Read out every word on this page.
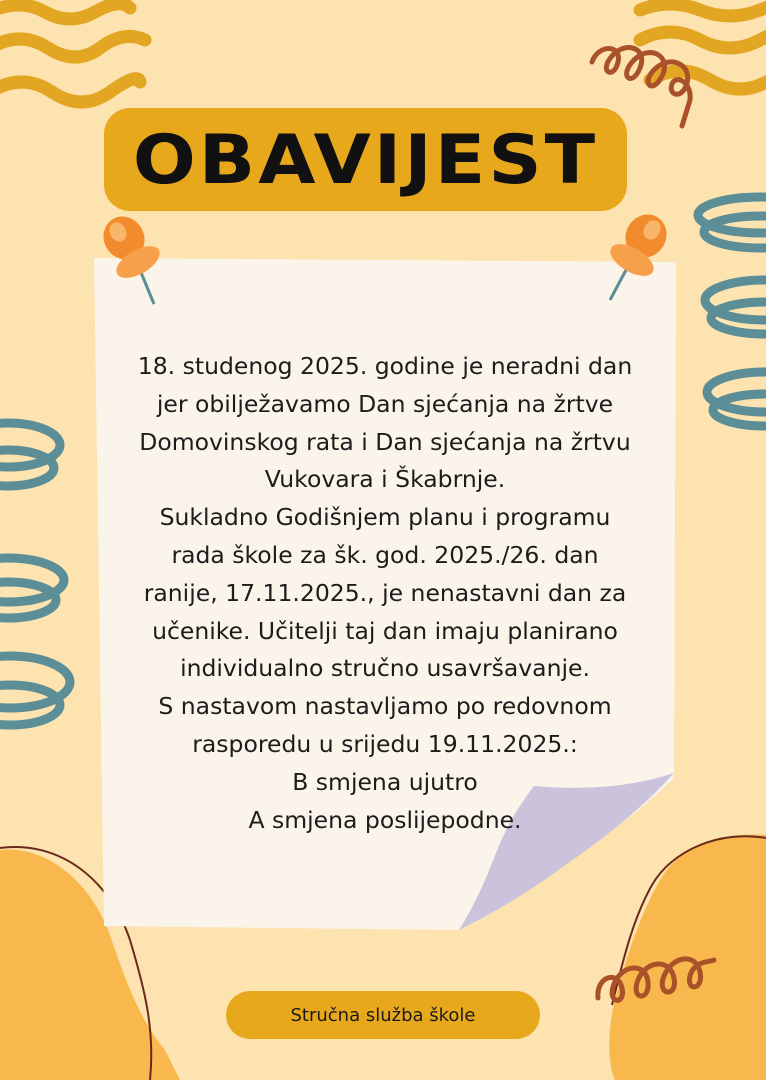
OBAVIJEST
18. studenog 2025. godine je neradni dan
jer obilježavamo Dan sjećanja na žrtve
Domovinskog rata i Dan sjećanja na žrtvu
Vukovara i Škabrnje.
Sukladno Godišnjem planu i programu
rada škole za šk. god. 2025./26. dan
ranije, 17.11.2025., je nenastavni dan za
učenike. Učitelji taj dan imaju planirano
individualno stručno usavršavanje.
S nastavom nastavljamo po redovnom
rasporedu u srijedu 19.11.2025.:
B smjena ujutro
A smjena poslijepodne.
Stručna služba škole
